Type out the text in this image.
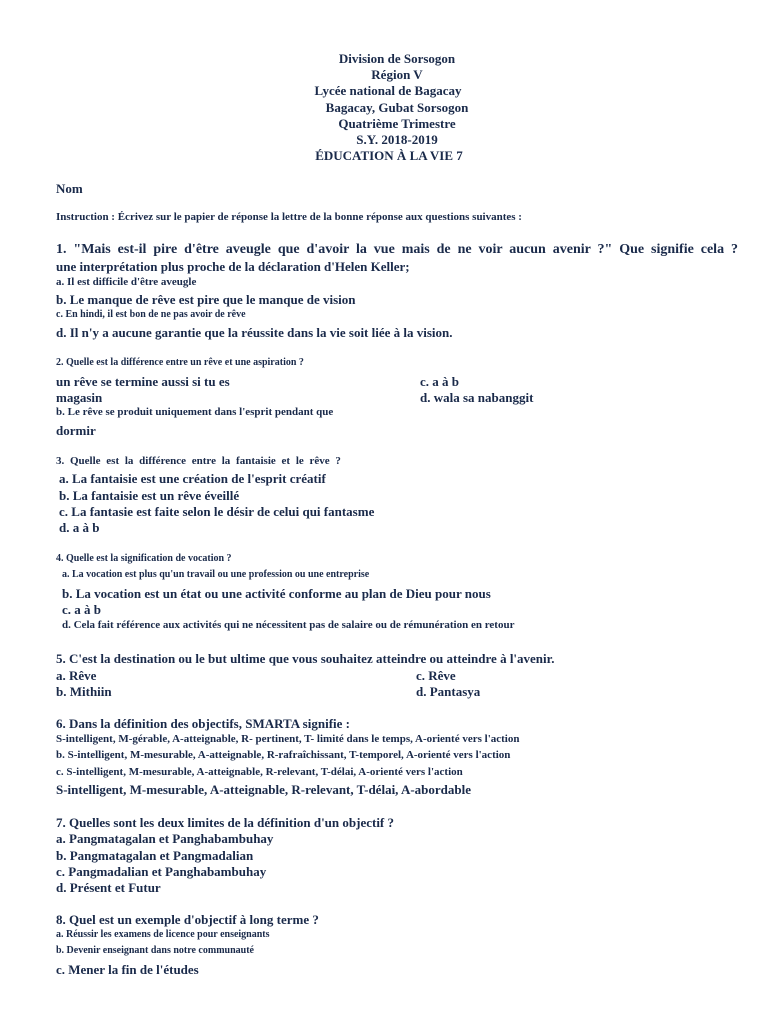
Division de Sorsogon
Région V
Lycée national de Bagacay
Bagacay, Gubat Sorsogon
Quatrième Trimestre
S.Y. 2018-2019
ÉDUCATION À LA VIE 7
Nom
Instruction : Écrivez sur le papier de réponse la lettre de la bonne réponse aux questions suivantes :
1. "Mais est-il pire d'être aveugle que d'avoir la vue mais de ne voir aucun avenir ?" Que signifie cela ?
une interprétation plus proche de la déclaration d'Helen Keller;
a. Il est difficile d'être aveugle
b. Le manque de rêve est pire que le manque de vision
c. En hindi, il est bon de ne pas avoir de rêve
d. Il n'y a aucune garantie que la réussite dans la vie soit liée à la vision.
2. Quelle est la différence entre un rêve et une aspiration ?
un rêve se termine aussi si tu es
magasin
b. Le rêve se produit uniquement dans l'esprit pendant que
dormir
c. a à b
d. wala sa nabanggit
3. Quelle est la différence entre la fantaisie et le rêve ?
a. La fantaisie est une création de l'esprit créatif
b. La fantaisie est un rêve éveillé
c. La fantasie est faite selon le désir de celui qui fantasme
d. a à b
4. Quelle est la signification de vocation ?
a. La vocation est plus qu'un travail ou une profession ou une entreprise
b. La vocation est un état ou une activité conforme au plan de Dieu pour nous
c. a à b
d. Cela fait référence aux activités qui ne nécessitent pas de salaire ou de rémunération en retour
5. C'est la destination ou le but ultime que vous souhaitez atteindre ou atteindre à l'avenir.
a. Rêve
b. Mithiin
c. Rêve
d. Pantasya
6. Dans la définition des objectifs, SMARTA signifie :
S-intelligent, M-gérable, A-atteignable, R- pertinent, T- limité dans le temps, A-orienté vers l'action
b. S-intelligent, M-mesurable, A-atteignable, R-rafraîchissant, T-temporel, A-orienté vers l'action
c. S-intelligent, M-mesurable, A-atteignable, R-relevant, T-délai, A-orienté vers l'action
S-intelligent, M-mesurable, A-atteignable, R-relevant, T-délai, A-abordable
7. Quelles sont les deux limites de la définition d'un objectif ?
a. Pangmatagalan et Panghabambuhay
b. Pangmatagalan et Pangmadalian
c. Pangmadalian et Panghabambuhay
d. Présent et Futur
8. Quel est un exemple d'objectif à long terme ?
a. Réussir les examens de licence pour enseignants
b. Devenir enseignant dans notre communauté
c. Mener la fin de l'études
